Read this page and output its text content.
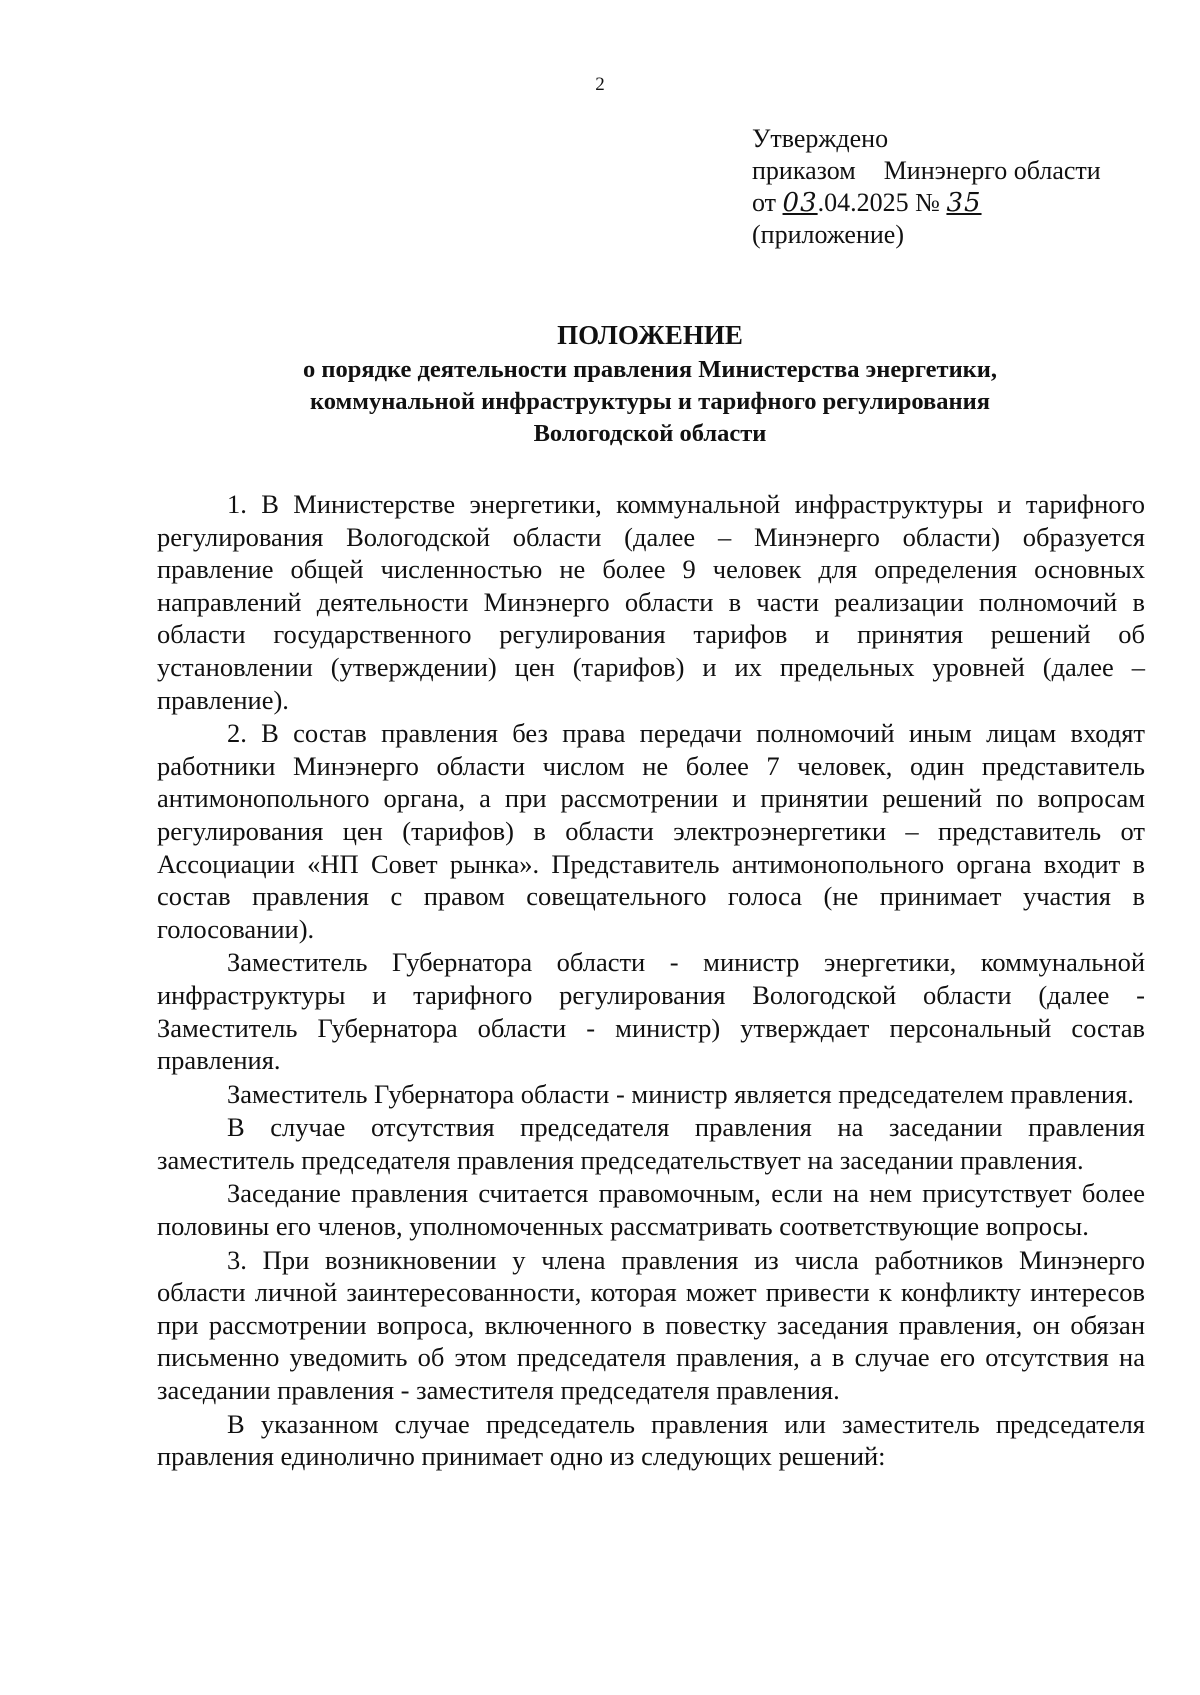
2
Утверждено
приказом Минэнерго области
от 03.04.2025 № 35
(приложение)

ПОЛОЖЕНИЕ

о порядке деятельности правления Министерства энергетики,
коммунальной инфраструктуры и тарифного регулирования
Вологодской области

1. В Министерстве энергетики, коммунальной инфраструктуры и тарифного регулирования Вологодской области (далее – Минэнерго области) образуется правление общей численностью не более 9 человек для определения основных направлений деятельности Минэнерго области в части реализации полномочий в области государственного регулирования тарифов и принятия решений об установлении (утверждении) цен (тарифов) и их предельных уровней (далее – правление).

2. В состав правления без права передачи полномочий иным лицам входят работники Минэнерго области числом не более 7 человек, один представитель антимонопольного органа, а при рассмотрении и принятии решений по вопросам регулирования цен (тарифов) в области электроэнергетики – представитель от Ассоциации «НП Совет рынка». Представитель антимонопольного органа входит в состав правления с правом совещательного голоса (не принимает участия в голосовании).

Заместитель Губернатора области - министр энергетики, коммунальной инфраструктуры и тарифного регулирования Вологодской области (далее - Заместитель Губернатора области - министр) утверждает персональный состав правления.

Заместитель Губернатора области - министр является председателем правления.

В случае отсутствия председателя правления на заседании правления заместитель председателя правления председательствует на заседании правления.

Заседание правления считается правомочным, если на нем присутствует более половины его членов, уполномоченных рассматривать соответствующие вопросы.

3. При возникновении у члена правления из числа работников Минэнерго области личной заинтересованности, которая может привести к конфликту интересов при рассмотрении вопроса, включенного в повестку заседания правления, он обязан письменно уведомить об этом председателя правления, а в случае его отсутствия на заседании правления - заместителя председателя правления.

В указанном случае председатель правления или заместитель председателя правления единолично принимает одно из следующих решений:
